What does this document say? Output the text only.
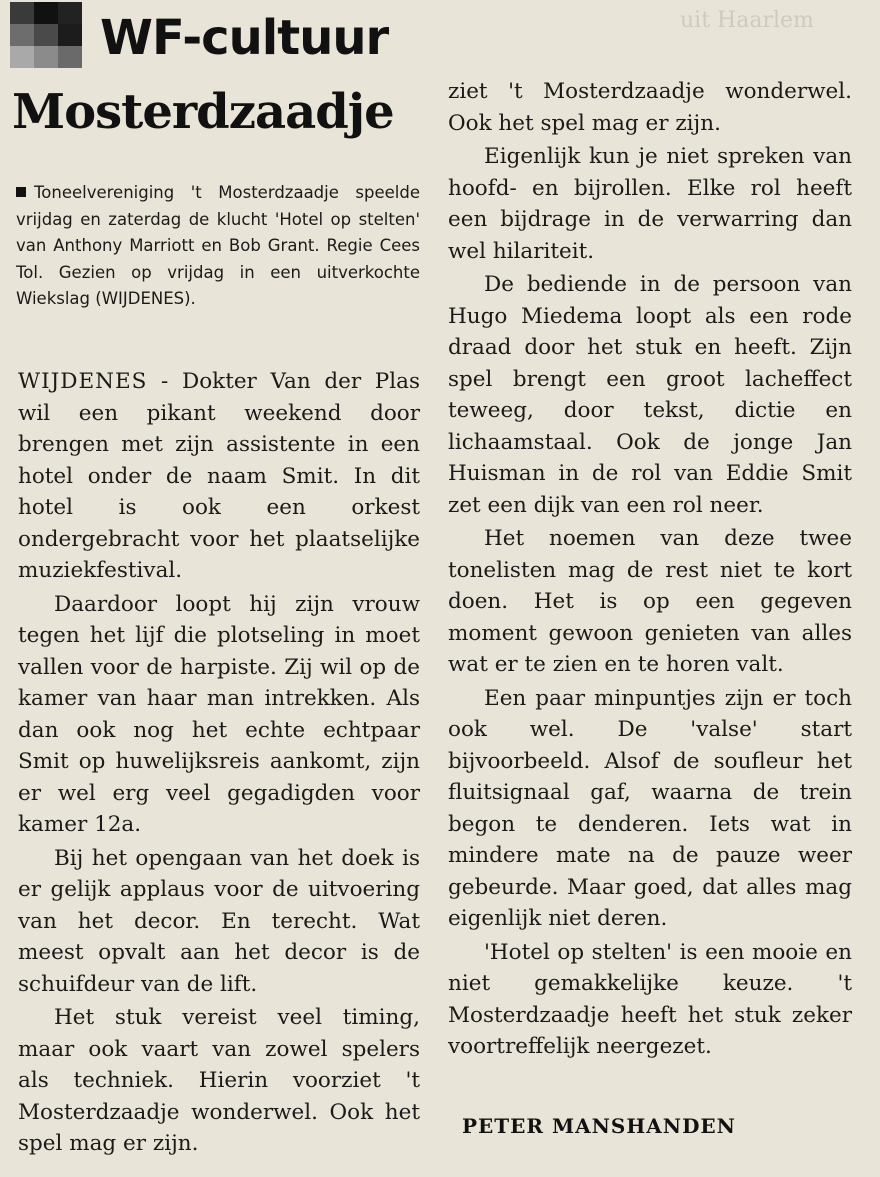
uit Haarlem
WF-cultuur
Mosterdzaadje
Toneelvereniging 't Mosterdzaadje speelde vrijdag en zaterdag de klucht 'Hotel op stelten' van Anthony Marriott en Bob Grant. Regie Cees Tol. Gezien op vrijdag in een uitverkochte Wiekslag (WIJDENES).

WIJDENES - Dokter Van der Plas wil een pikant weekend door brengen met zijn assistente in een hotel onder de naam Smit. In dit hotel is ook een orkest ondergebracht voor het plaatselijke muziekfestival.

Daardoor loopt hij zijn vrouw tegen het lijf die plotseling in moet vallen voor de harpiste. Zij wil op de kamer van haar man intrekken. Als dan ook nog het echte echtpaar Smit op huwelijksreis aankomt, zijn er wel erg veel gegadigden voor kamer 12a.

Bij het opengaan van het doek is er gelijk applaus voor de uitvoering van het decor. En terecht. Wat meest opvalt aan het decor is de schuifdeur van de lift.

Het stuk vereist veel timing, maar ook vaart van zowel spelers als techniek. Hierin voorziet 't Mosterdzaadje wonderwel. Ook het spel mag er zijn.

ziet 't Mosterdzaadje wonderwel. Ook het spel mag er zijn.

Eigenlijk kun je niet spreken van hoofd- en bijrollen. Elke rol heeft een bijdrage in de verwarring dan wel hilariteit.

De bediende in de persoon van Hugo Miedema loopt als een rode draad door het stuk en heeft. Zijn spel brengt een groot lacheffect teweeg, door tekst, dictie en lichaamstaal. Ook de jonge Jan Huisman in de rol van Eddie Smit zet een dijk van een rol neer.

Het noemen van deze twee tonelisten mag de rest niet te kort doen. Het is op een gegeven moment gewoon genieten van alles wat er te zien en te horen valt.

Een paar minpuntjes zijn er toch ook wel. De 'valse' start bijvoorbeeld. Alsof de soufleur het fluitsignaal gaf, waarna de trein begon te denderen. Iets wat in mindere mate na de pauze weer gebeurde. Maar goed, dat alles mag eigenlijk niet deren.

'Hotel op stelten' is een mooie en niet gemakkelijke keuze. 't Mosterdzaadje heeft het stuk zeker voortreffelijk neergezet.

PETER MANSHANDEN
